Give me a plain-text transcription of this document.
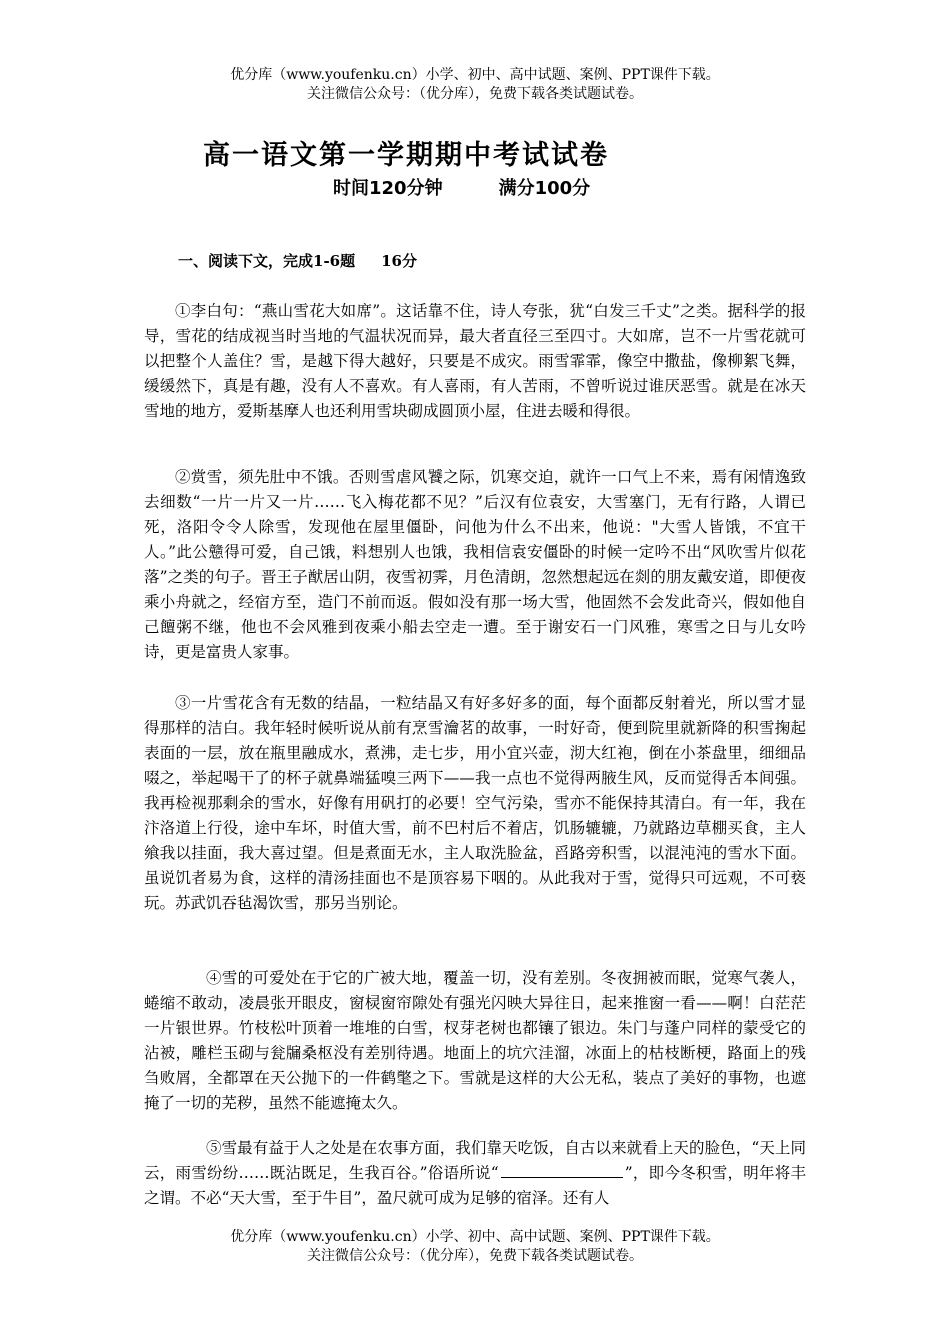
优分库（www.youfenku.cn）小学、初中、高中试题、案例、PPT课件下载。
关注微信公众号：（优分库），免费下载各类试题试卷。
高一语文第一学期期中考试试卷
时间120分钟	满分100分
一、阅读下文，完成1-6题 16分

①李白句：“燕山雪花大如席”。这话靠不住，诗人夸张，犹“白发三千丈”之类。据科学的报导，雪花的结成视当时当地的气温状况而异，最大者直径三至四寸。大如席，岂不一片雪花就可以把整个人盖住？雪，是越下得大越好，只要是不成灾。雨雪霏霏，像空中撒盐，像柳絮飞舞，缓缓然下，真是有趣，没有人不喜欢。有人喜雨，有人苦雨，不曾听说过谁厌恶雪。就是在冰天雪地的地方，爱斯基摩人也还利用雪块砌成圆顶小屋，住进去暖和得很。

②赏雪，须先肚中不饿。否则雪虐风饕之际，饥寒交迫，就许一口气上不来，焉有闲情逸致去细数“一片一片又一片……飞入梅花都不见？”后汉有位袁安，大雪塞门，无有行路，人谓已死，洛阳令令人除雪，发现他在屋里僵卧，问他为什么不出来，他说："大雪人皆饿，不宜干人。”此公戆得可爱，自己饿，料想别人也饿，我相信袁安僵卧的时候一定吟不出“风吹雪片似花落”之类的句子。晋王子猷居山阴，夜雪初霁，月色清朗，忽然想起远在剡的朋友戴安道，即便夜乘小舟就之，经宿方至，造门不前而返。假如没有那一场大雪，他固然不会发此奇兴，假如他自己饘粥不继，他也不会风雅到夜乘小船去空走一遭。至于谢安石一门风雅，寒雪之日与儿女吟诗，更是富贵人家事。

③一片雪花含有无数的结晶，一粒结晶又有好多好多的面，每个面都反射着光，所以雪才显得那样的洁白。我年轻时候听说从前有烹雪瀹茗的故事，一时好奇，便到院里就新降的积雪掬起表面的一层，放在瓶里融成水，煮沸，走七步，用小宜兴壶，沏大红袍，倒在小茶盘里，细细品啜之，举起喝干了的杯子就鼻端猛嗅三两下——我一点也不觉得两腋生风，反而觉得舌本间强。我再检视那剩余的雪水，好像有用矾打的必要！空气污染，雪亦不能保持其清白。有一年，我在汴洛道上行役，途中车坏，时值大雪，前不巴村后不着店，饥肠辘辘，乃就路边草棚买食，主人飨我以挂面，我大喜过望。但是煮面无水，主人取洗脸盆，舀路旁积雪，以混沌沌的雪水下面。虽说饥者易为食，这样的清汤挂面也不是顶容易下咽的。从此我对于雪，觉得只可远观，不可亵玩。苏武饥吞毡渴饮雪，那另当别论。

④雪的可爱处在于它的广被大地，覆盖一切，没有差别。冬夜拥被而眠，觉寒气袭人，蜷缩不敢动，凌晨张开眼皮，窗棂窗帘隙处有强光闪映大异往日，起来推窗一看——啊！白茫茫一片银世界。竹枝松叶顶着一堆堆的白雪，杈芽老树也都镶了银边。朱门与蓬户同样的蒙受它的沾被，雕栏玉砌与瓮牖桑枢没有差别待遇。地面上的坑穴洼溜，冰面上的枯枝断梗，路面上的残刍败屑，全都罩在天公抛下的一件鹤氅之下。雪就是这样的大公无私，装点了美好的事物，也遮掩了一切的芜秽，虽然不能遮掩太久。

⑤雪最有益于人之处是在农事方面，我们靠天吃饭，自古以来就看上天的脸色，“天上同云，雨雪纷纷……既沾既足，生我百谷。”俗语所说“	”，即今冬积雪，明年将丰之谓。不必“天大雪，至于牛目”，盈尺就可成为足够的宿泽。还有人

优分库（www.youfenku.cn）小学、初中、高中试题、案例、PPT课件下载。
关注微信公众号：（优分库），免费下载各类试题试卷。
